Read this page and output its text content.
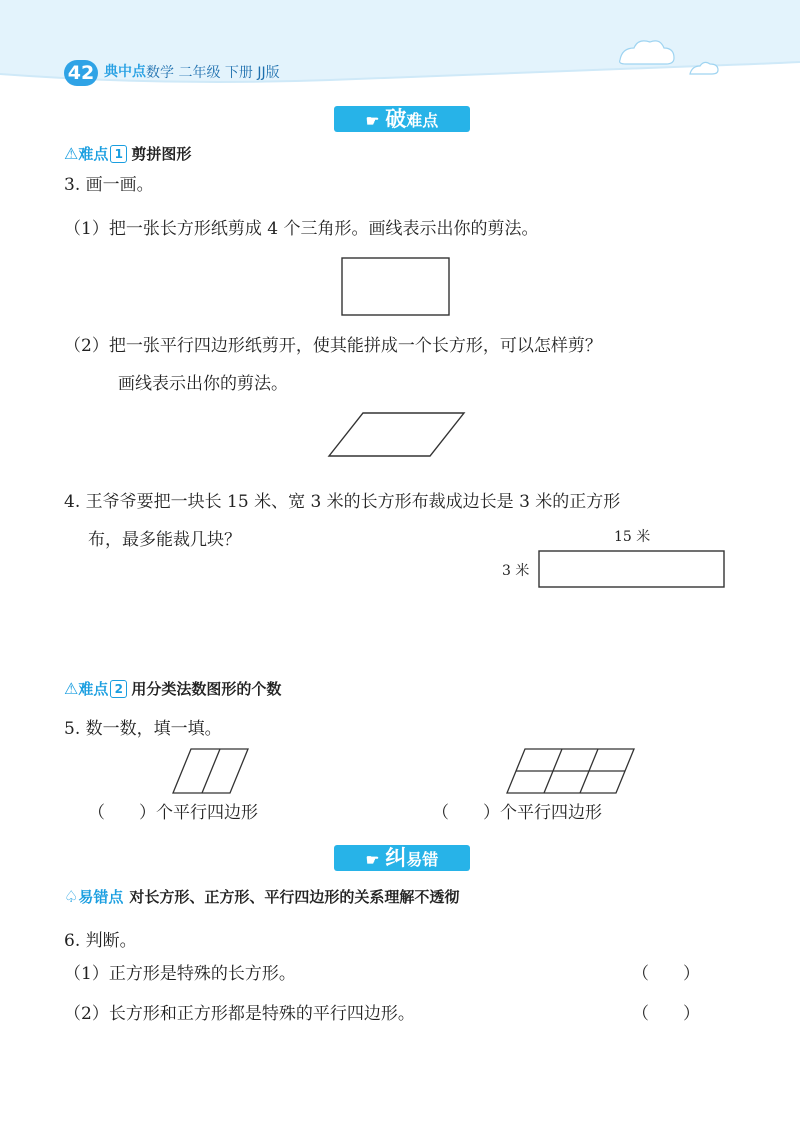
42 典中点 数学 二年级 下册 JJ版
☛ 破难点
⚠难点 1 剪拼图形
3. 画一画。
（1）把一张长方形纸剪成 4 个三角形。画线表示出你的剪法。
（2）把一张平行四边形纸剪开，使其能拼成一个长方形，可以怎样剪？
画线表示出你的剪法。
4. 王爷爷要把一块长 15 米、宽 3 米的长方形布裁成边长是 3 米的正方形
布，最多能裁几块？	15 米
3 米
⚠难点 2 用分类法数图形的个数
5. 数一数，填一填。
（　　）个平行四边形	（　　）个平行四边形
☛ 纠易错
♤易错点 对长方形、正方形、平行四边形的关系理解不透彻
6. 判断。
（1）正方形是特殊的长方形。	（　　）
（2）长方形和正方形都是特殊的平行四边形。	（　　）
